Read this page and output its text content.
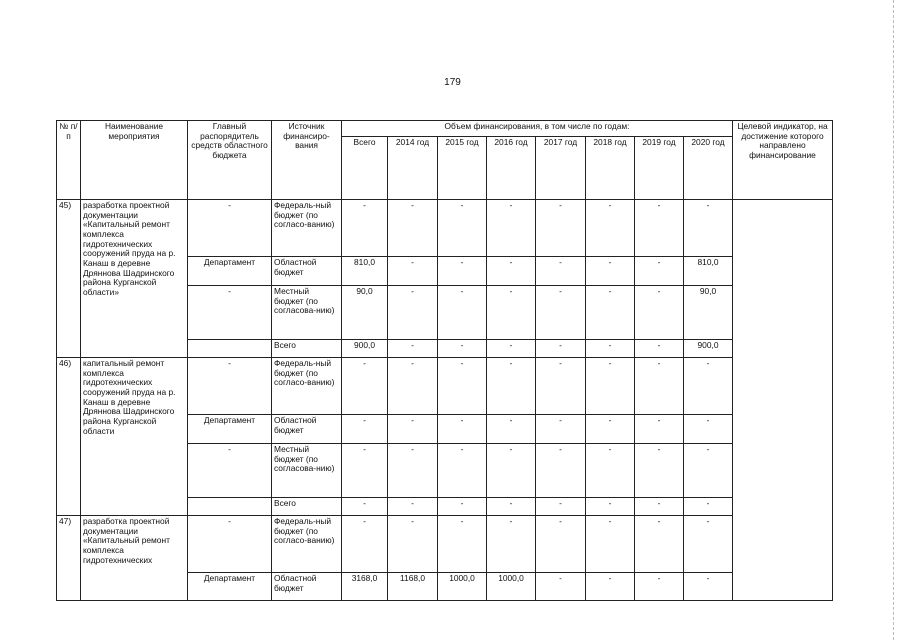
179
№ п/п	Наименование мероприятия	Главный распорядитель средств областного бюджета	Источник финансиро-вания	Объем финансирования, в том числе по годам:								Целевой индикатор, на достижение которого направлено финансирование
				Всего	2014 год	2015 год	2016 год	2017 год	2018 год	2019 год	2020 год	
45)	разработка проектной документации «Капитальный ремонт комплекса гидротехнических сооружений пруда на р. Канаш в деревне Дряннова Шадринского района Курганской области»	-	Федераль-ный бюджет (по согласо-ванию)	-	-	-	-	-	-	-	-	
		Департамент	Областной бюджет	810,0	-	-	-	-	-	-	810,0	
		-	Местный бюджет (по согласова-нию)	90,0	-	-	-	-	-	-	90,0	
			Всего	900,0	-	-	-	-	-	-	900,0	
46)	капитальный ремонт комплекса гидротехнических сооружений пруда на р. Канаш в деревне Дряннова Шадринского района Курганской области	-	Федераль-ный бюджет (по согласо-ванию)	-	-	-	-	-	-	-	-	
		Департамент	Областной бюджет	-	-	-	-	-	-	-	-	
		-	Местный бюджет (по согласова-нию)	-	-	-	-	-	-	-	-	
			Всего	-	-	-	-	-	-	-	-	
47)	разработка проектной документации «Капитальный ремонт комплекса гидротехнических	-	Федераль-ный бюджет (по согласо-ванию)	-	-	-	-	-	-	-	-	
		Департамент	Областной бюджет	3168,0	1168,0	1000,0	1000,0	-	-	-	-	
